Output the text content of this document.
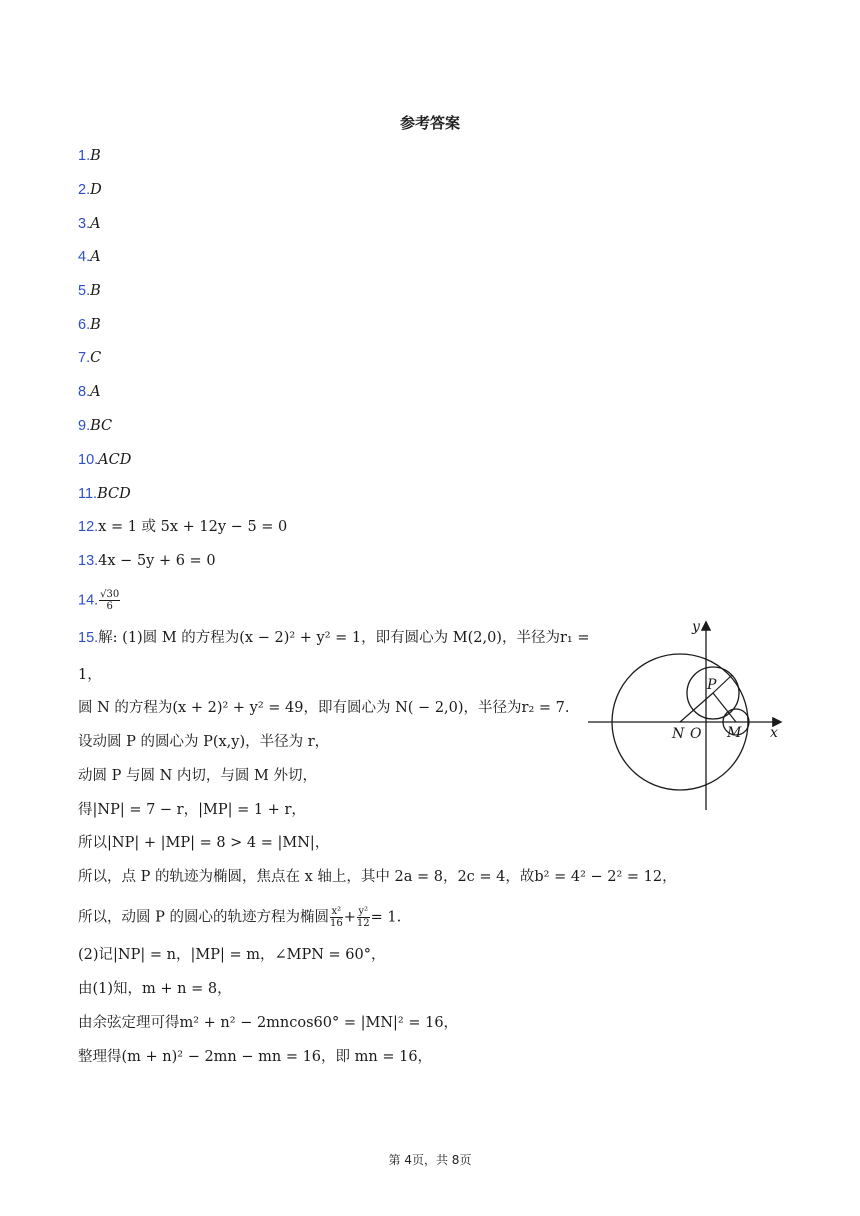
参考答案
1.B
2.D
3.A
4.A
5.B
6.B
7.C
8.A
9.BC
10.ACD
11.BCD
12.x = 1 或 5x + 12y − 5 = 0
13.4x − 5y + 6 = 0
14. $\frac{√30}{6}$
15.解: (1)圆 M 的方程为(x − 2)² + y² = 1，即有圆心为 M(2,0)，半径为r₁ =
1，
圆 N 的方程为(x + 2)² + y² = 49，即有圆心为 N( − 2,0)，半径为r₂ = 7.
设动圆 P 的圆心为 P(x,y)，半径为 r，
动圆 P 与圆 N 内切，与圆 M 外切，
得|NP| = 7 − r，|MP| = 1 + r，
所以|NP| + |MP| = 8 > 4 = |MN|，
所以，点 P 的轨迹为椭圆，焦点在 x 轴上，其中 2a = 8，2c = 4，故b² = 4² − 2² = 12，
所以，动圆 P 的圆心的轨迹方程为椭圆 $\frac{\text{x²}}{16} + \frac{\text{y²}}{12} = 1$.
(2)记|NP| = n，|MP| = m，∠MPN = 60°，
由(1)知，m + n = 8，
由余弦定理可得m² + n² − 2mncos60° = |MN|² = 16，
整理得(m + n)² − 2mn − mn = 16，即 mn = 16，
y
x
N O M
P
第 4页，共 8页
